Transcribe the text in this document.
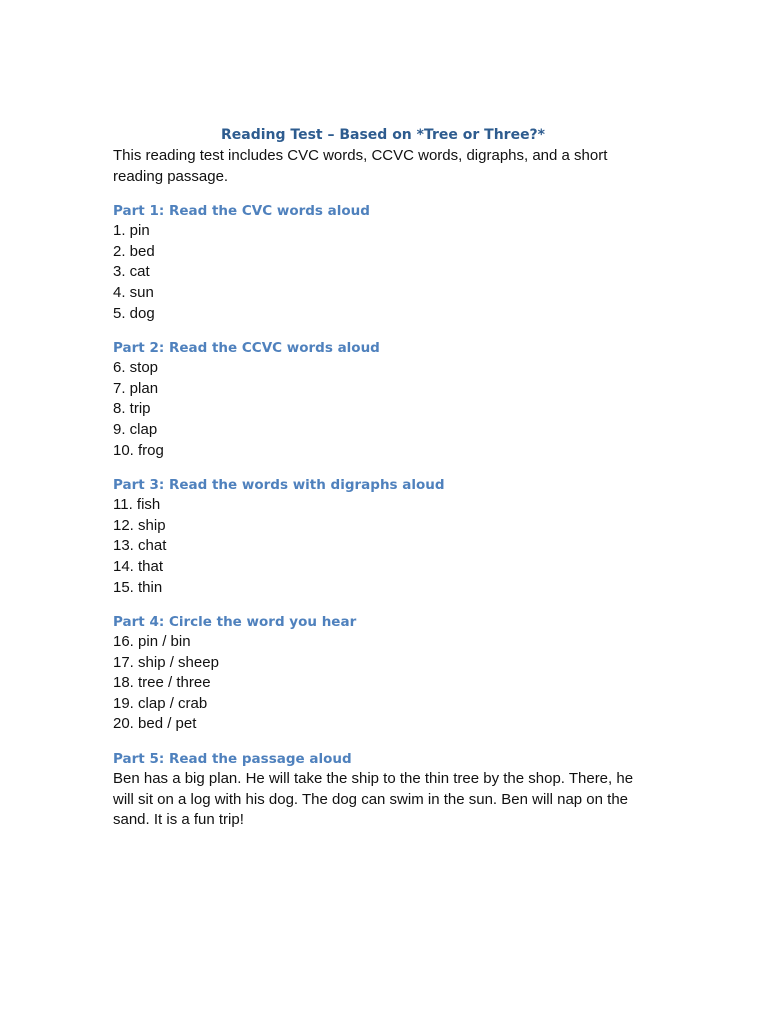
Reading Test – Based on *Tree or Three?*

This reading test includes CVC words, CCVC words, digraphs, and a short reading passage.

Part 1: Read the CVC words aloud
1. pin
2. bed
3. cat
4. sun
5. dog
Part 2: Read the CCVC words aloud
6. stop
7. plan
8. trip
9. clap
10. frog
Part 3: Read the words with digraphs aloud
11. fish
12. ship
13. chat
14. that
15. thin
Part 4: Circle the word you hear
16. pin / bin
17. ship / sheep
18. tree / three
19. clap / crab
20. bed / pet
Part 5: Read the passage aloud

Ben has a big plan. He will take the ship to the thin tree by the shop. There, he will sit on a log with his dog. The dog can swim in the sun. Ben will nap on the sand. It is a fun trip!
